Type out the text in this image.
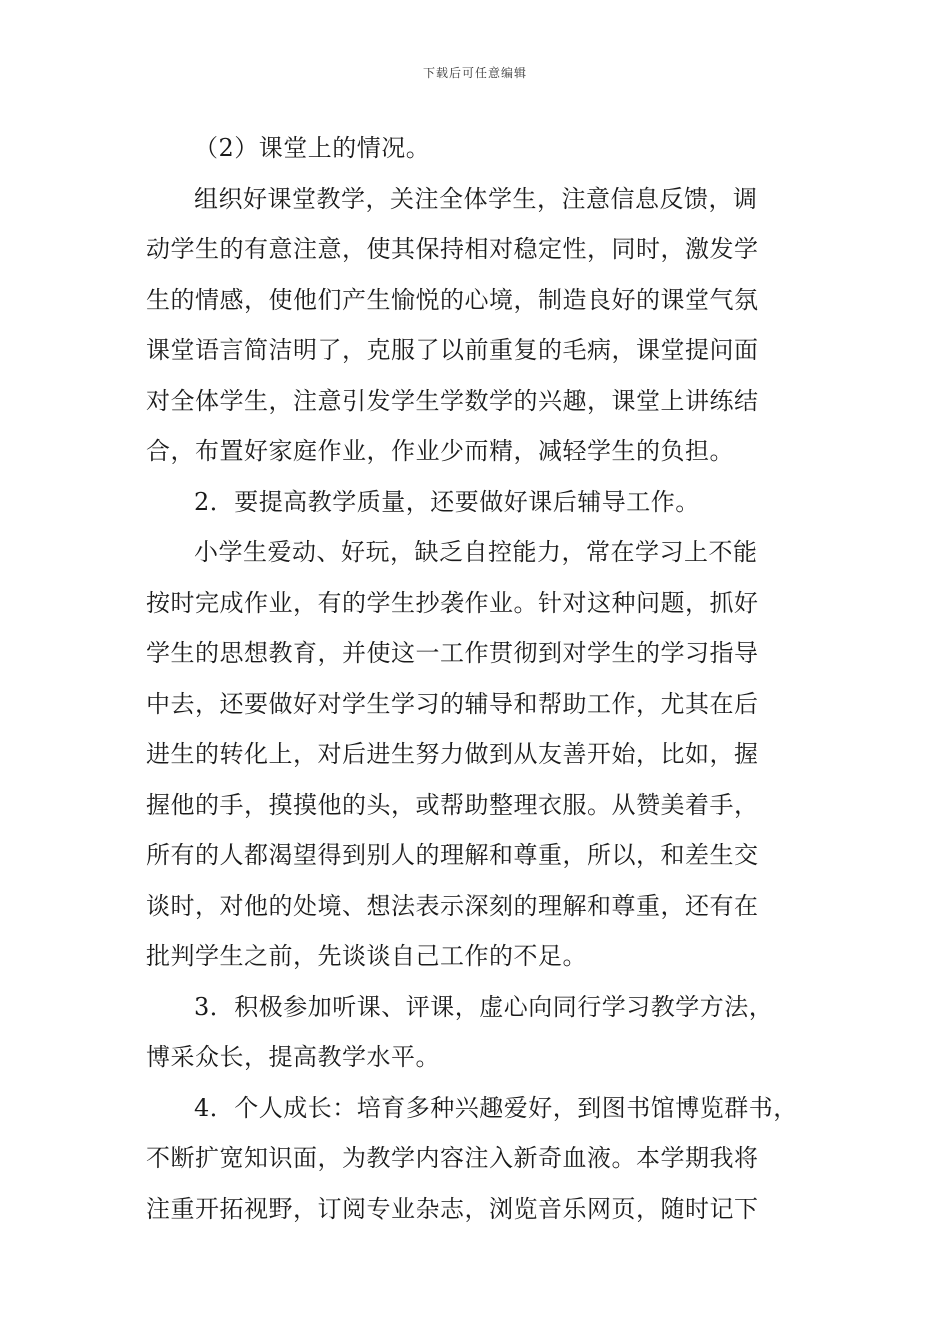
下载后可任意编辑

（2）课堂上的情况。

组织好课堂教学，关注全体学生，注意信息反馈，调
动学生的有意注意，使其保持相对稳定性，同时，激发学
生的情感，使他们产生愉悦的心境，制造良好的课堂气氛
课堂语言简洁明了，克服了以前重复的毛病，课堂提问面
对全体学生，注意引发学生学数学的兴趣，课堂上讲练结
合，布置好家庭作业，作业少而精，减轻学生的负担。

2．要提高教学质量，还要做好课后辅导工作。

小学生爱动、好玩，缺乏自控能力，常在学习上不能
按时完成作业，有的学生抄袭作业。针对这种问题，抓好
学生的思想教育，并使这一工作贯彻到对学生的学习指导
中去，还要做好对学生学习的辅导和帮助工作，尤其在后
进生的转化上，对后进生努力做到从友善开始，比如，握
握他的手，摸摸他的头，或帮助整理衣服。从赞美着手，
所有的人都渴望得到别人的理解和尊重，所以，和差生交
谈时，对他的处境、想法表示深刻的理解和尊重，还有在
批判学生之前，先谈谈自己工作的不足。

3．积极参加听课、评课，虚心向同行学习教学方法，
博采众长，提高教学水平。

4．个人成长：培育多种兴趣爱好，到图书馆博览群书，
不断扩宽知识面，为教学内容注入新奇血液。本学期我将
注重开拓视野，订阅专业杂志，浏览音乐网页，随时记下
